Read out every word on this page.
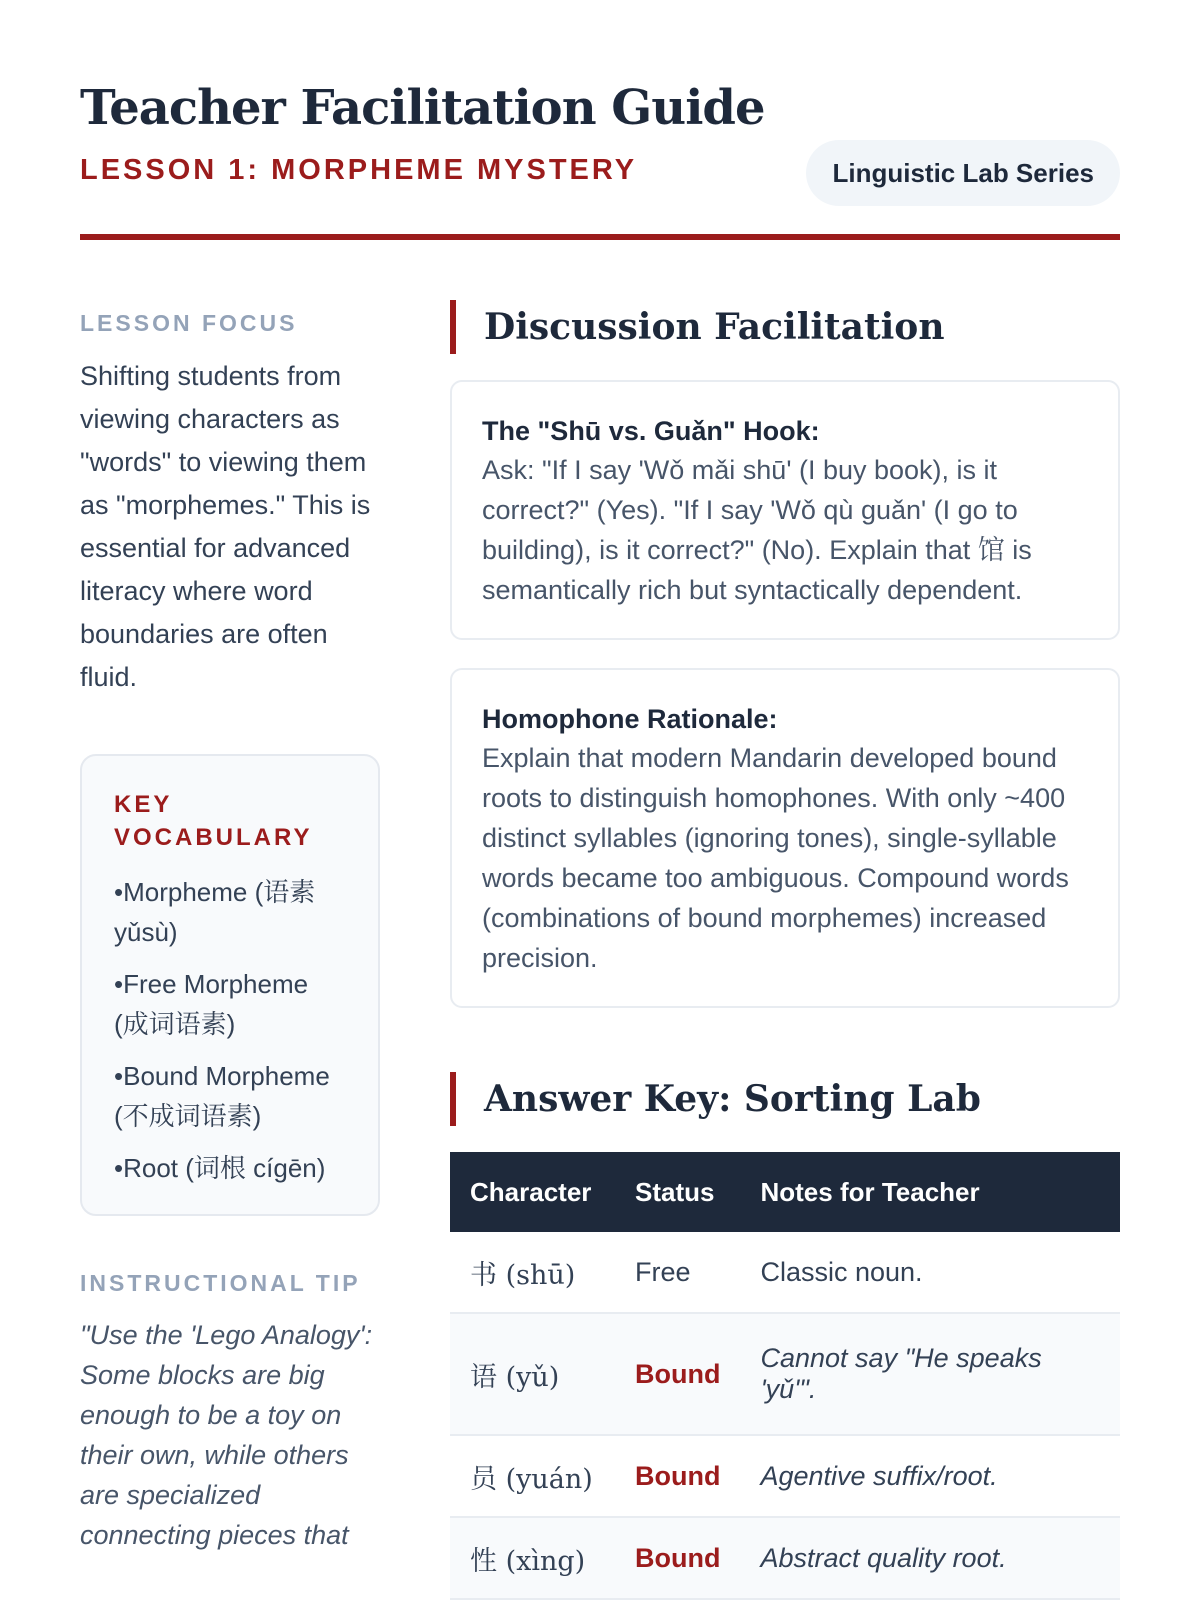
Teacher Facilitation Guide
LESSON 1: MORPHEME MYSTERY	Linguistic Lab Series
LESSON FOCUS

Shifting students from viewing characters as "words" to viewing them as "morphemes." This is essential for advanced literacy where word boundaries are often fluid.

KEY VOCABULARY
• Morpheme (语素 yǔsù)
• Free Morpheme (成词语素)
• Bound Morpheme (不成词语素)
• Root (词根 cígēn)
INSTRUCTIONAL TIP

"Use the 'Lego Analogy': Some blocks are big enough to be a toy on their own, while others are specialized connecting pieces that

Discussion Facilitation
The "Shū vs. Guǎn" Hook:

Ask: "If I say 'Wǒ mǎi shū' (I buy book), is it correct?" (Yes). "If I say 'Wǒ qù guǎn' (I go to building), is it correct?" (No). Explain that 馆 is semantically rich but syntactically dependent.

Homophone Rationale:

Explain that modern Mandarin developed bound roots to distinguish homophones. With only ~400 distinct syllables (ignoring tones), single-syllable words became too ambiguous. Compound words (combinations of bound morphemes) increased precision.

Answer Key: Sorting Lab
Character	Status	Notes for Teacher
书 (shū)	Free	Classic noun.
语 (yǔ)	Bound	Cannot say "He speaks 'yǔ'".
员 (yuán)	Bound	Agentive suffix/root.
性 (xìng)	Bound	Abstract quality root.
